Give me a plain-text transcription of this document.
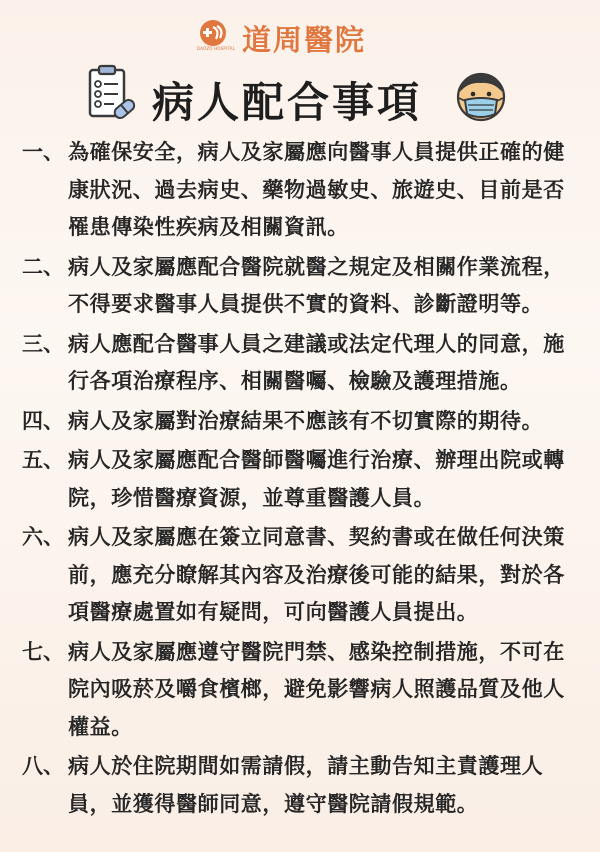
DAOZO HOSPITAL 道周醫院
病人配合事項
一、 為確保安全，病人及家屬應向醫事人員提供正確的健康狀況、過去病史、藥物過敏史、旅遊史、目前是否罹患傳染性疾病及相關資訊。
二、 病人及家屬應配合醫院就醫之規定及相關作業流程，不得要求醫事人員提供不實的資料、診斷證明等。
三、 病人應配合醫事人員之建議或法定代理人的同意，施行各項治療程序、相關醫囑、檢驗及護理措施。
四、 病人及家屬對治療結果不應該有不切實際的期待。
五、 病人及家屬應配合醫師醫囑進行治療、辦理出院或轉院，珍惜醫療資源，並尊重醫護人員。
六、 病人及家屬應在簽立同意書、契約書或在做任何決策前，應充分瞭解其內容及治療後可能的結果，對於各項醫療處置如有疑問，可向醫護人員提出。
七、 病人及家屬應遵守醫院門禁、感染控制措施，不可在院內吸菸及嚼食檳榔，避免影響病人照護品質及他人權益。
八、 病人於住院期間如需請假，請主動告知主責護理人員，並獲得醫師同意，遵守醫院請假規範。
